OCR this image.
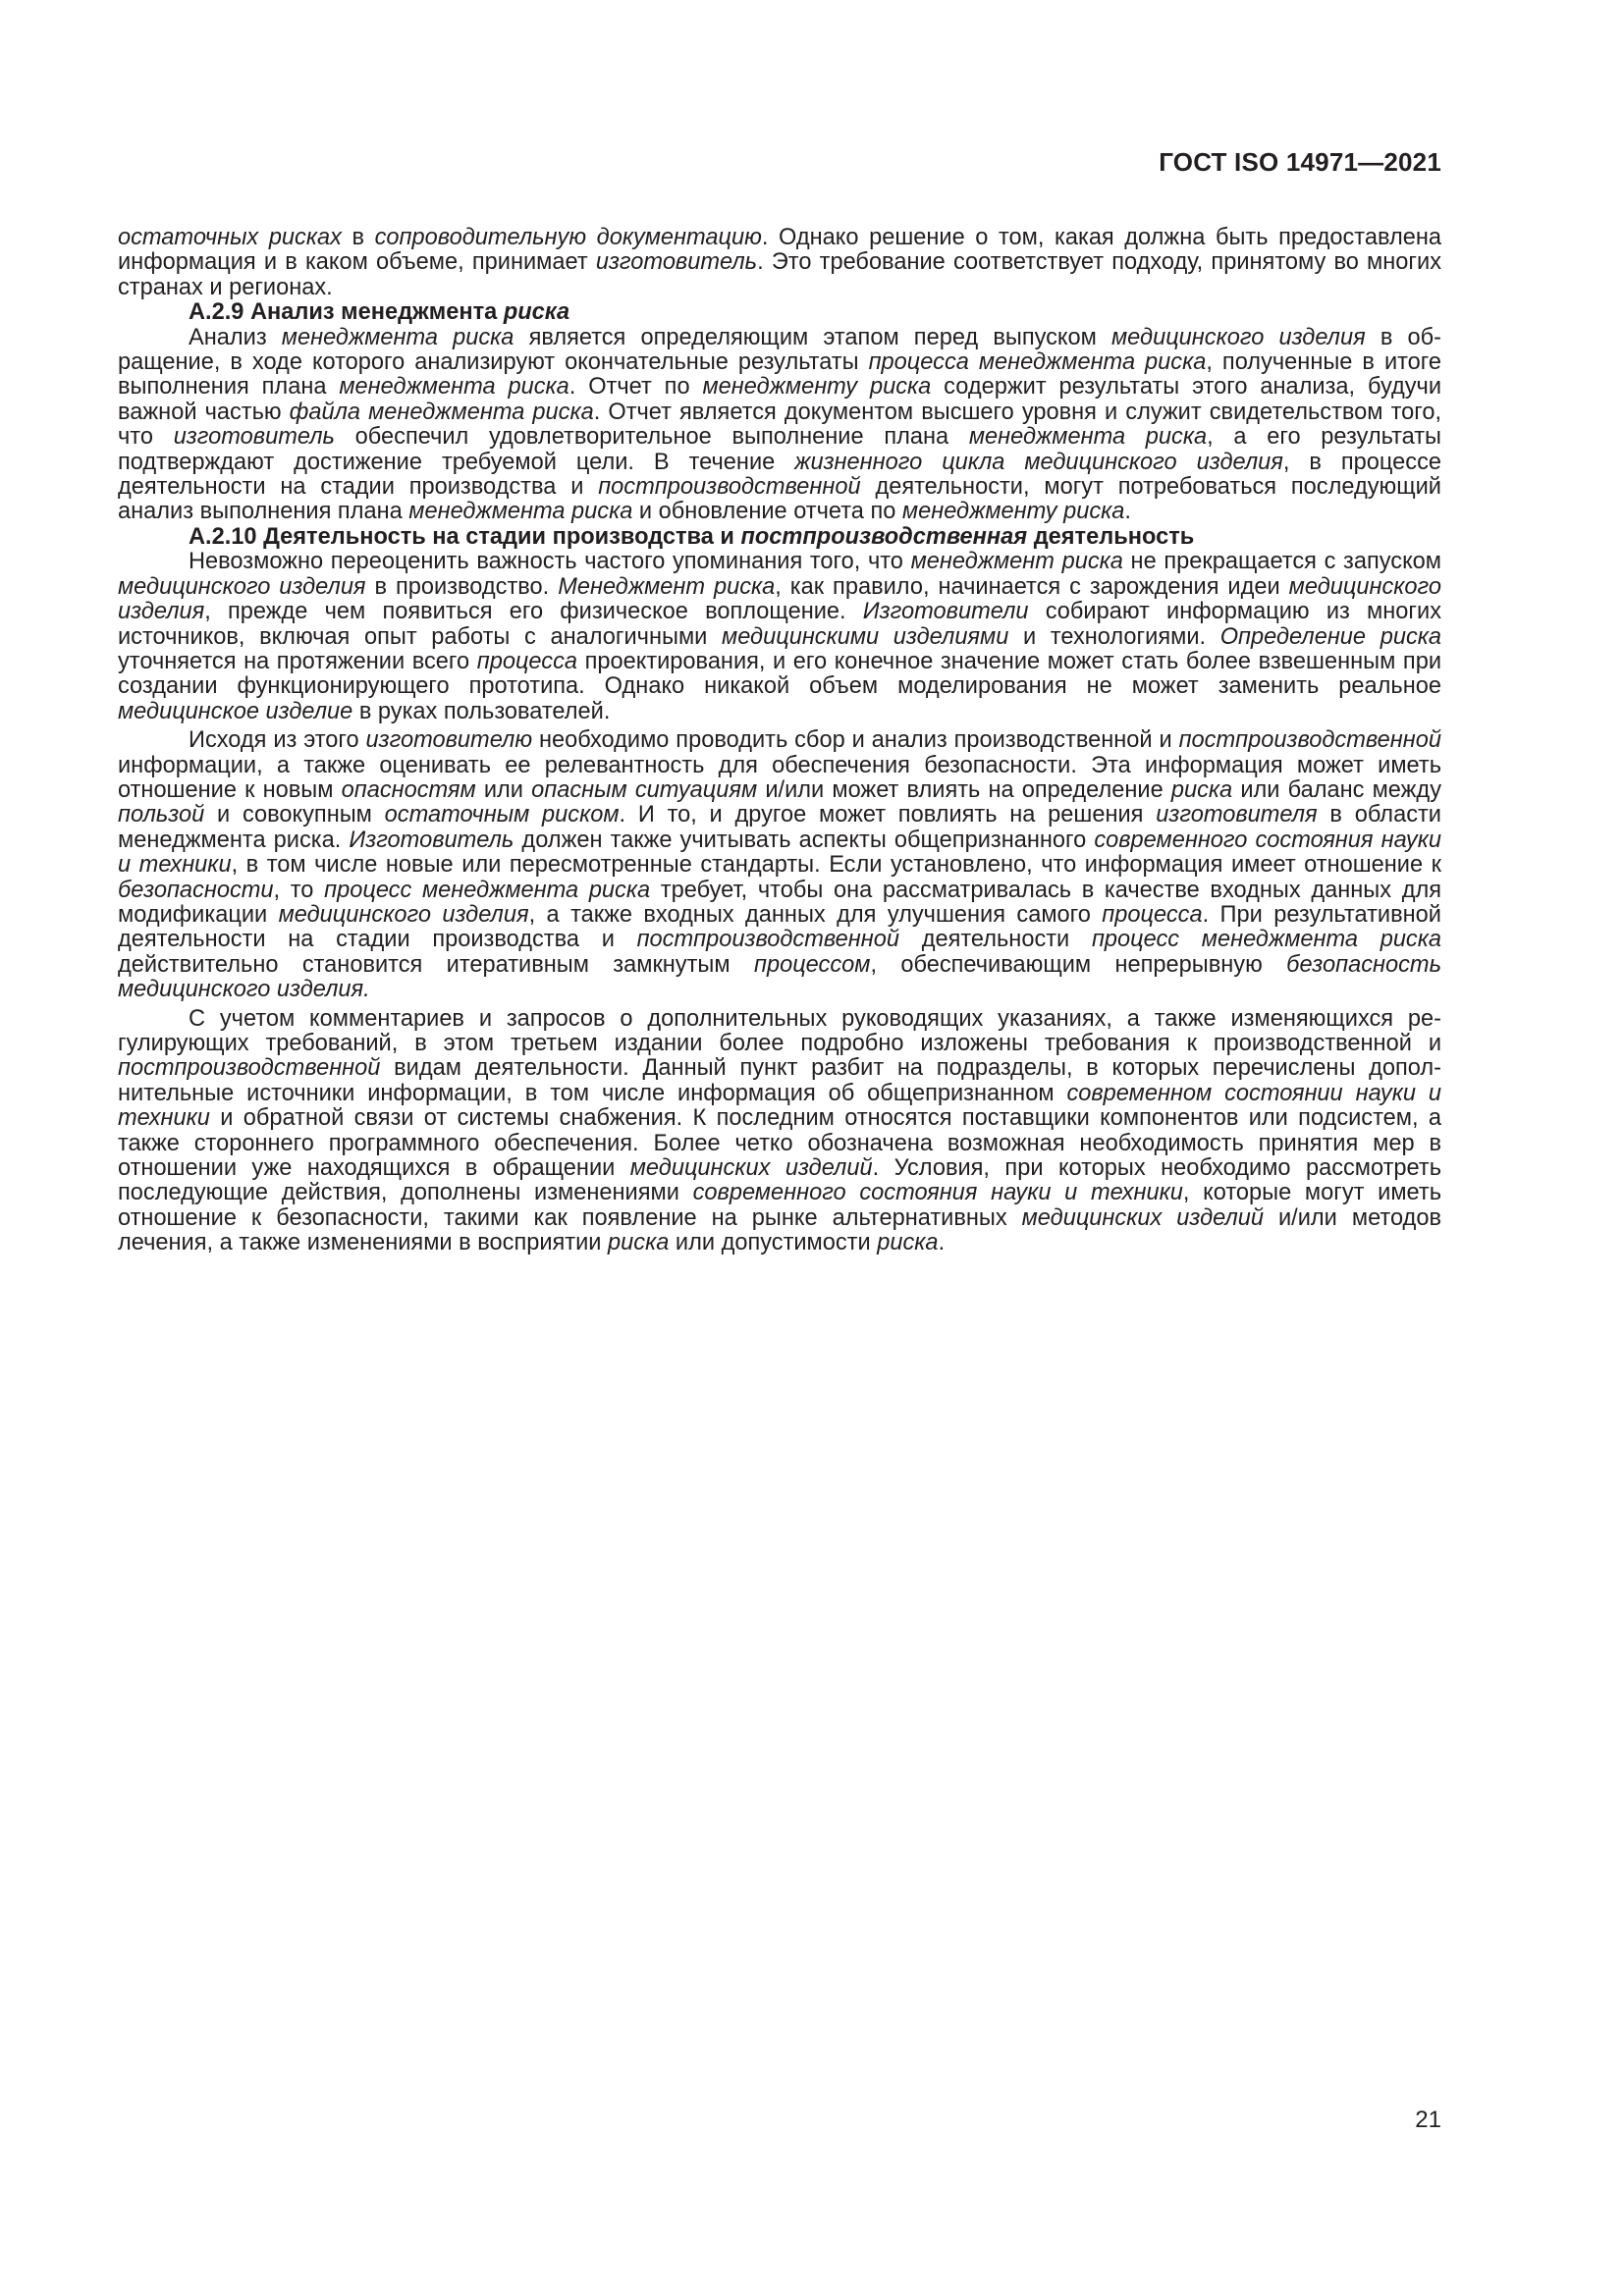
ГОСТ ISO 14971—2021

остаточных рисках в сопроводительную документацию. Однако решение о том, какая должна быть предоставлена информация и в каком объеме, принимает изготовитель. Это требование соответствует подходу, принятому во многих странах и регионах.

А.2.9 Анализ менеджмента риска

Анализ менеджмента риска является определяющим этапом перед выпуском медицинского изделия в обращение, в ходе которого анализируют окончательные результаты процесса менеджмента риска, полученные в итоге выполнения плана менеджмента риска. Отчет по менеджменту риска содержит результаты этого анализа, будучи важной частью файла менеджмента риска. Отчет является документом высшего уровня и служит свидетельством того, что изготовитель обеспечил удовлетворительное выполнение плана менеджмента риска, а его результаты подтверждают достижение требуемой цели. В течение жизненного цикла медицинского изделия, в процессе деятельности на стадии производства и постпроизводственной деятельности, могут потребоваться последующий анализ выполнения плана менеджмента риска и обновление отчета по менеджменту риска.

А.2.10 Деятельность на стадии производства и постпроизводственная деятельность

Невозможно переоценить важность частого упоминания того, что менеджмент риска не прекращается с запуском медицинского изделия в производство. Менеджмент риска, как правило, начинается с зарождения идеи медицинского изделия, прежде чем появиться его физическое воплощение. Изготовители собирают информацию из многих источников, включая опыт работы с аналогичными медицинскими изделиями и технологиями. Определение риска уточняется на протяжении всего процесса проектирования, и его конечное значение может стать более взвешенным при создании функционирующего прототипа. Однако никакой объем моделирования не может заменить реальное медицинское изделие в руках пользователей.

Исходя из этого изготовителю необходимо проводить сбор и анализ производственной и постпроизводственной информации, а также оценивать ее релевантность для обеспечения безопасности. Эта информация может иметь отношение к новым опасностям или опасным ситуациям и/или может влиять на определение риска или баланс между пользой и совокупным остаточным риском. И то, и другое может повлиять на решения изготовителя в области менеджмента риска. Изготовитель должен также учитывать аспекты общепризнанного современного состояния науки и техники, в том числе новые или пересмотренные стандарты. Если установлено, что информация имеет отношение к безопасности, то процесс менеджмента риска требует, чтобы она рассматривалась в качестве входных данных для модификации медицинского изделия, а также входных данных для улучшения самого процесса. При результативной деятельности на стадии производства и постпроизводственной деятельности процесс менеджмента риска действительно становится итеративным замкнутым процессом, обеспечивающим непрерывную безопасность медицинского изделия.

С учетом комментариев и запросов о дополнительных руководящих указаниях, а также изменяющихся регулирующих требований, в этом третьем издании более подробно изложены требования к производственной и постпроизводственной видам деятельности. Данный пункт разбит на подразделы, в которых перечислены дополнительные источники информации, в том числе информация об общепризнанном современном состоянии науки и техники и обратной связи от системы снабжения. К последним относятся поставщики компонентов или подсистем, а также стороннего программного обеспечения. Более четко обозначена возможная необходимость принятия мер в отношении уже находящихся в обращении медицинских изделий. Условия, при которых необходимо рассмотреть последующие действия, дополнены изменениями современного состояния науки и техники, которые могут иметь отношение к безопасности, такими как появление на рынке альтернативных медицинских изделий и/или методов лечения, а также изменениями в восприятии риска или допустимости риска.

21
